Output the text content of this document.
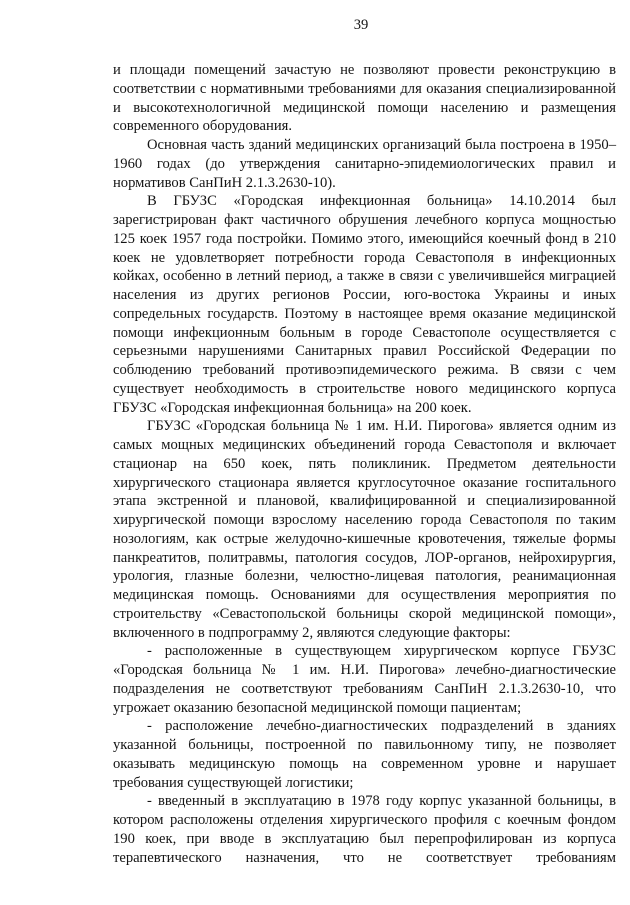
39

и площади помещений зачастую не позволяют провести реконструкцию в соответствии с нормативными требованиями для оказания специализированной и высокотехнологичной медицинской помощи населению и размещения современного оборудования.

Основная часть зданий медицинских организаций была построена в 1950–1960 годах (до утверждения санитарно-эпидемиологических правил и нормативов СанПиН 2.1.3.2630-10).

В ГБУЗС «Городская инфекционная больница» 14.10.2014 был зарегистрирован факт частичного обрушения лечебного корпуса мощностью 125 коек 1957 года постройки. Помимо этого, имеющийся коечный фонд в 210 коек не удовлетворяет потребности города Севастополя в инфекционных койках, особенно в летний период, а также в связи с увеличившейся миграцией населения из других регионов России, юго-востока Украины и иных сопредельных государств. Поэтому в настоящее время оказание медицинской помощи инфекционным больным в городе Севастополе осуществляется с серьезными нарушениями Санитарных правил Российской Федерации по соблюдению требований противоэпидемического режима. В связи с чем существует необходимость в строительстве нового медицинского корпуса ГБУЗС «Городская инфекционная больница» на 200 коек.

ГБУЗС «Городская больница № 1 им. Н.И. Пирогова» является одним из самых мощных медицинских объединений города Севастополя и включает стационар на 650 коек, пять поликлиник. Предметом деятельности хирургического стационара является круглосуточное оказание госпитального этапа экстренной и плановой, квалифицированной и специализированной хирургической помощи взрослому населению города Севастополя по таким нозологиям, как острые желудочно-кишечные кровотечения, тяжелые формы панкреатитов, политравмы, патология сосудов, ЛОР-органов, нейрохирургия, урология, глазные болезни, челюстно-лицевая патология, реанимационная медицинская помощь. Основаниями для осуществления мероприятия по строительству «Севастопольской больницы скорой медицинской помощи», включенного в подпрограмму 2, являются следующие факторы:

- расположенные в существующем хирургическом корпусе ГБУЗС «Городская больница № 1 им. Н.И. Пирогова» лечебно-диагностические подразделения не соответствуют требованиям СанПиН 2.1.3.2630-10, что угрожает оказанию безопасной медицинской помощи пациентам;

- расположение лечебно-диагностических подразделений в зданиях указанной больницы, построенной по павильонному типу, не позволяет оказывать медицинскую помощь на современном уровне и нарушает требования существующей логистики;

- введенный в эксплуатацию в 1978 году корпус указанной больницы, в котором расположены отделения хирургического профиля с коечным фондом 190 коек, при вводе в эксплуатацию был перепрофилирован из корпуса терапевтического назначения, что не соответствует требованиям
